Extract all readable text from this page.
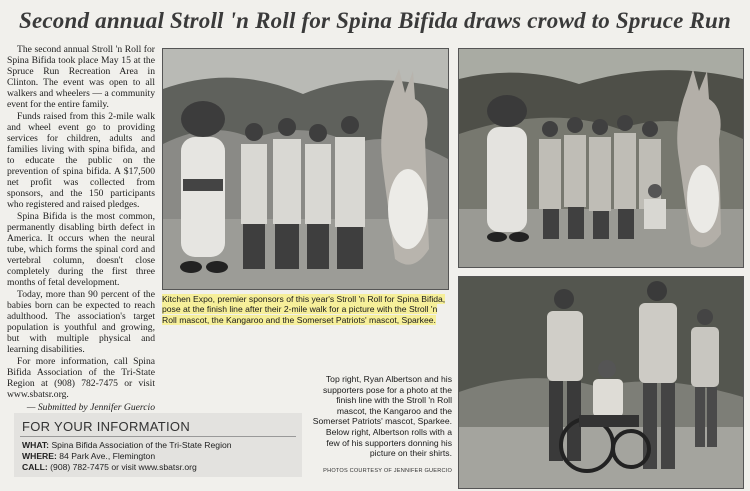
Second annual Stroll 'n Roll for Spina Bifida draws crowd to Spruce Run

The second annual Stroll 'n Roll for Spina Bifida took place May 15 at the Spruce Run Recreation Area in Clinton. The event was open to all walkers and wheelers — a community event for the entire family.

Funds raised from this 2-mile walk and wheel event go to providing services for children, adults and families living with spina bifida, and to educate the public on the prevention of spina bifida. A $17,500 net profit was collected from sponsors, and the 150 participants who registered and raised pledges.

Spina Bifida is the most common, permanently disabling birth defect in America. It occurs when the neural tube, which forms the spinal cord and vertebral column, doesn't close completely during the first three months of fetal development.

Today, more than 90 percent of the babies born can be expected to reach adulthood. The association's target population is youthful and growing, but with multiple physical and learning disabilities.

For more information, call Spina Bifida Association of the Tri-State Region at (908) 782-7475 or visit www.sbatsr.org.

— Submitted by Jennifer Guercio

FOR YOUR INFORMATION
WHAT: Spina Bifida Association of the Tri-State Region
WHERE: 84 Park Ave., Flemington
CALL: (908) 782-7475 or visit www.sbatsr.org
Kitchen Expo, premier sponsors of this year's Stroll 'n Roll for Spina Bifida, pose at the finish line after their 2-mile walk for a picture with the Stroll 'n Roll mascot, the Kangaroo and the Somerset Patriots' mascot, Sparkee.
Top right, Ryan Albertson and his supporters pose for a photo at the finish line with the Stroll 'n Roll mascot, the Kangaroo and the Somerset Patriots' mascot, Sparkee. Below right, Albertson rolls with a few of his supporters donning his picture on their shirts.
PHOTOS COURTESY OF JENNIFER GUERCIO
